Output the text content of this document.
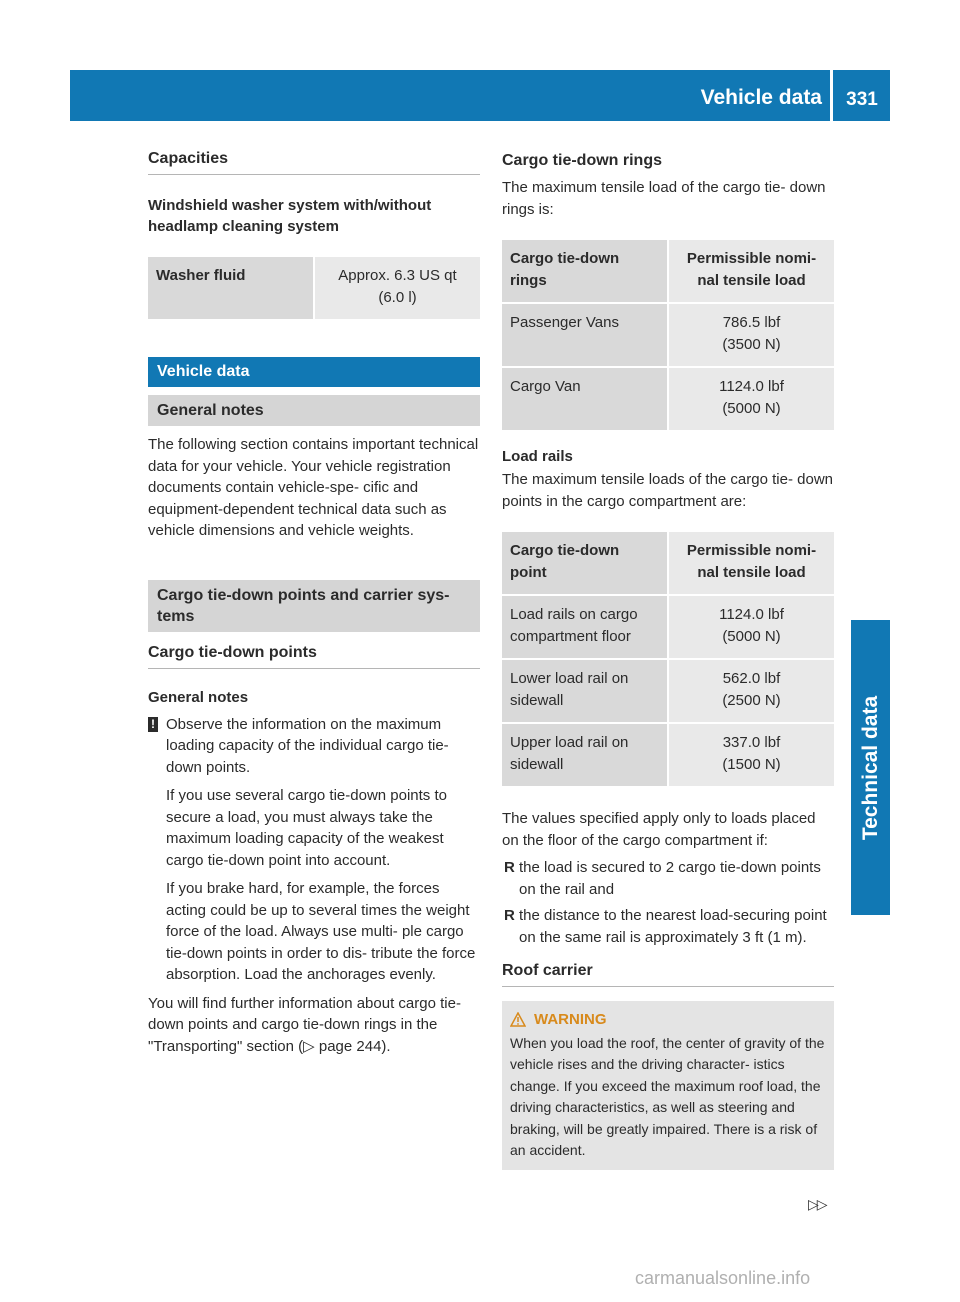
Vehicle data	331
Technical data
Capacities
Windshield washer system with/without headlamp cleaning system
Washer fluid	Approx. 6.3 US qt
(6.0 l)
Vehicle data
General notes

The following section contains important technical data for your vehicle. Your vehicle registration documents contain vehicle-spe- cific and equipment-dependent technical data such as vehicle dimensions and vehicle weights.

Cargo tie-down points and carrier sys- tems
Cargo tie-down points
General notes
! Observe the information on the maximum loading capacity of the individual cargo tie- down points.

If you use several cargo tie-down points to secure a load, you must always take the maximum loading capacity of the weakest cargo tie-down point into account.

If you brake hard, for example, the forces acting could be up to several times the weight force of the load. Always use multi- ple cargo tie-down points in order to dis- tribute the force absorption. Load the anchorages evenly.

You will find further information about cargo tie-down points and cargo tie-down rings in the "Transporting" section (▷ page 244).

Cargo tie-down rings

The maximum tensile load of the cargo tie- down rings is:

Cargo tie-down rings	Permissible nomi- nal tensile load
Passenger Vans	786.5 lbf
(3500 N)

Cargo Van	1124.0 lbf
(5000 N)
Load rails

The maximum tensile loads of the cargo tie- down points in the cargo compartment are:

Cargo tie-down point	Permissible nomi- nal tensile load
Load rails on cargo compartment floor	1124.0 lbf
(5000 N)

Lower load rail on sidewall	562.0 lbf
(2500 N)

Upper load rail on sidewall	337.0 lbf
(1500 N)

The values specified apply only to loads placed on the floor of the cargo compartment if:

R the load is secured to 2 cargo tie-down points on the rail and
R the distance to the nearest load-securing point on the same rail is approximately 3 ft (1 m).
Roof carrier
WARNING
When you load the roof, the center of gravity of the vehicle rises and the driving character- istics change. If you exceed the maximum roof load, the driving characteristics, as well as steering and braking, will be greatly impaired. There is a risk of an accident.
▷▷
carmanualsonline.info
